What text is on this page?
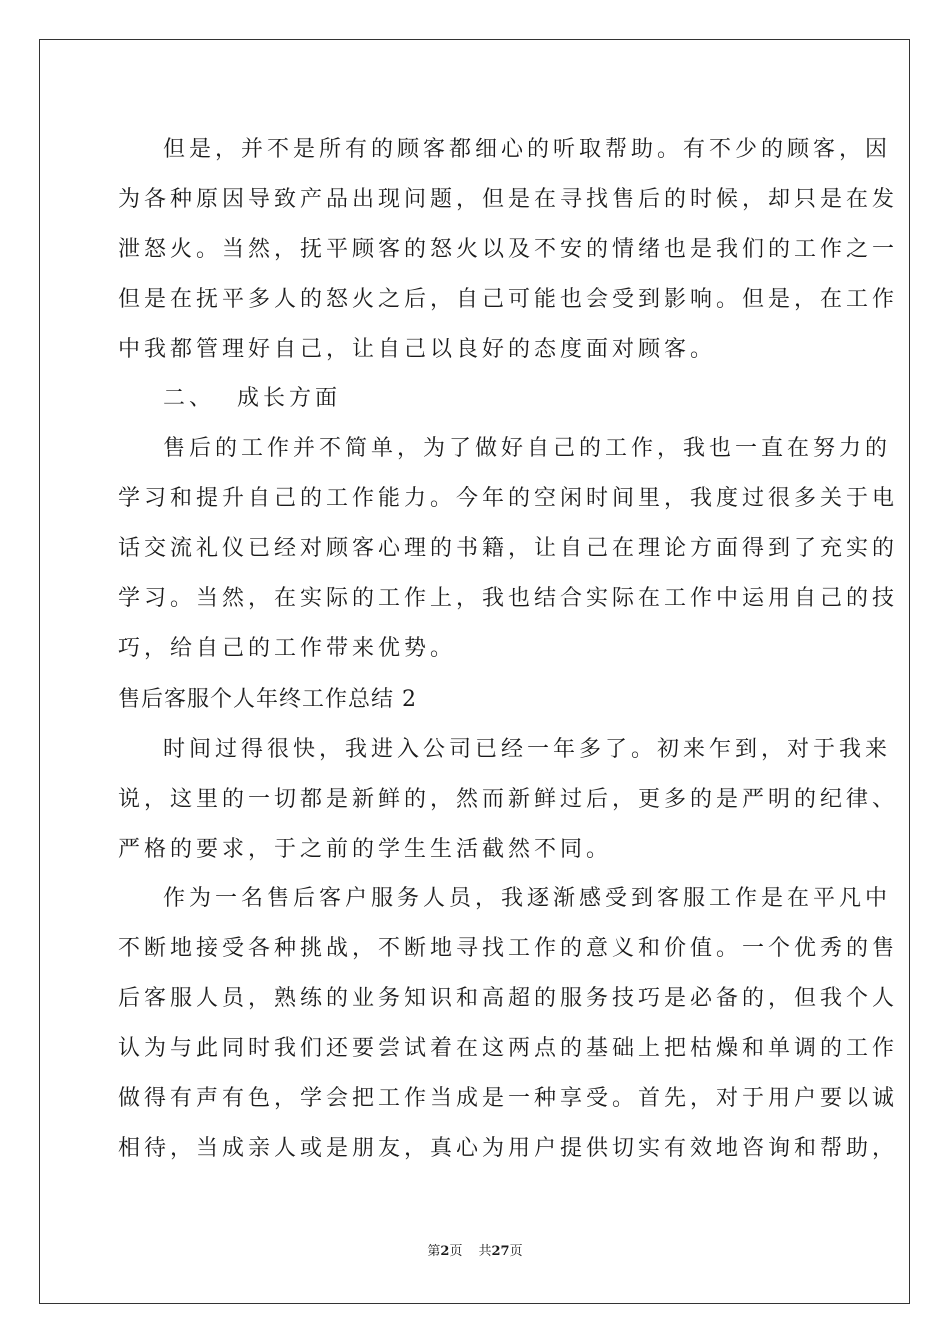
但是，并不是所有的顾客都细心的听取帮助。有不少的顾客，因
为各种原因导致产品出现问题，但是在寻找售后的时候，却只是在发
泄怒火。当然，抚平顾客的怒火以及不安的情绪也是我们的工作之一
但是在抚平多人的怒火之后，自己可能也会受到影响。但是，在工作
中我都管理好自己，让自己以良好的态度面对顾客。
二、  成长方面
售后的工作并不简单，为了做好自己的工作，我也一直在努力的
学习和提升自己的工作能力。今年的空闲时间里，我度过很多关于电
话交流礼仪已经对顾客心理的书籍，让自己在理论方面得到了充实的
学习。当然，在实际的工作上，我也结合实际在工作中运用自己的技
巧，给自己的工作带来优势。
售后客服个人年终工作总结 2
时间过得很快，我进入公司已经一年多了。初来乍到，对于我来
说，这里的一切都是新鲜的，然而新鲜过后，更多的是严明的纪律、
严格的要求，于之前的学生生活截然不同。
作为一名售后客户服务人员，我逐渐感受到客服工作是在平凡中
不断地接受各种挑战，不断地寻找工作的意义和价值。一个优秀的售
后客服人员，熟练的业务知识和高超的服务技巧是必备的，但我个人
认为与此同时我们还要尝试着在这两点的基础上把枯燥和单调的工作
做得有声有色，学会把工作当成是一种享受。首先，对于用户要以诚
相待，当成亲人或是朋友，真心为用户提供切实有效地咨询和帮助，
第2页 共27页
